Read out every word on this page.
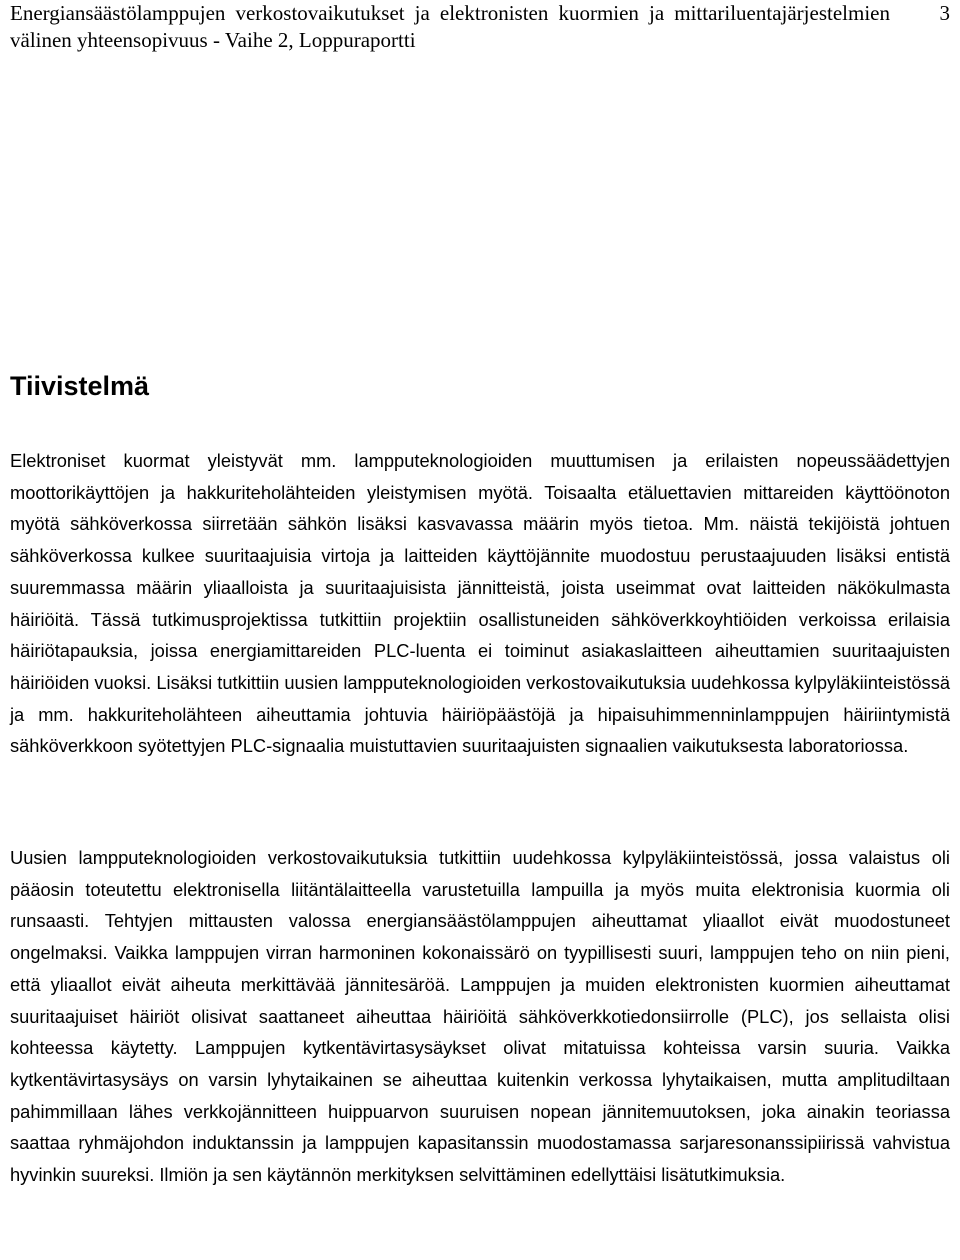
Energiansäästölamppujen verkostovaikutukset ja elektronisten kuormien ja mittariluentajärjestelmien välinen yhteensopivuus - Vaihe 2, Loppuraportti
3
Tiivistelmä

Elektroniset kuormat yleistyvät mm. lampputeknologioiden muuttumisen ja erilaisten nopeussäädettyjen moottorikäyttöjen ja hakkuriteholähteiden yleistymisen myötä. Toisaalta etäluettavien mittareiden käyttöönoton myötä sähköverkossa siirretään sähkön lisäksi kasvavassa määrin myös tietoa. Mm. näistä tekijöistä johtuen sähköverkossa kulkee suuritaajuisia virtoja ja laitteiden käyttöjännite muodostuu perustaajuuden lisäksi entistä suuremmassa määrin yliaalloista ja suuritaajuisista jännitteistä, joista useimmat ovat laitteiden näkökulmasta häiriöitä. Tässä tutkimusprojektissa tutkittiin projektiin osallistuneiden sähköverkkoyhtiöiden verkoissa erilaisia häiriötapauksia, joissa energiamittareiden PLC-luenta ei toiminut asiakaslaitteen aiheuttamien suuritaajuisten häiriöiden vuoksi. Lisäksi tutkittiin uusien lampputeknologioiden verkostovaikutuksia uudehkossa kylpyläkiinteistössä ja mm. hakkuriteholähteen aiheuttamia johtuvia häiriöpäästöjä ja hipaisuhimmenninlamppujen häiriintymistä sähköverkkoon syötettyjen PLC-signaalia muistuttavien suuritaajuisten signaalien vaikutuksesta laboratoriossa.

Uusien lampputeknologioiden verkostovaikutuksia tutkittiin uudehkossa kylpyläkiinteistössä, jossa valaistus oli pääosin toteutettu elektronisella liitäntälaitteella varustetuilla lampuilla ja myös muita elektronisia kuormia oli runsaasti. Tehtyjen mittausten valossa energiansäästölamppujen aiheuttamat yliaallot eivät muodostuneet ongelmaksi. Vaikka lamppujen virran harmoninen kokonaissärö on tyypillisesti suuri, lamppujen teho on niin pieni, että yliaallot eivät aiheuta merkittävää jännitesäröä. Lamppujen ja muiden elektronisten kuormien aiheuttamat suuritaajuiset häiriöt olisivat saattaneet aiheuttaa häiriöitä sähköverkkotiedonsiirrolle (PLC), jos sellaista olisi kohteessa käytetty. Lamppujen kytkentävirtasysäykset olivat mitatuissa kohteissa varsin suuria. Vaikka kytkentävirtasysäys on varsin lyhytaikainen se aiheuttaa kuitenkin verkossa lyhytaikaisen, mutta amplitudiltaan pahimmillaan lähes verkkojännitteen huippuarvon suuruisen nopean jännitemuutoksen, joka ainakin teoriassa saattaa ryhmäjohdon induktanssin ja lamppujen kapasitanssin muodostamassa sarjaresonanssipiirissä vahvistua hyvinkin suureksi. Ilmiön ja sen käytännön merkityksen selvittäminen edellyttäisi lisätutkimuksia.
